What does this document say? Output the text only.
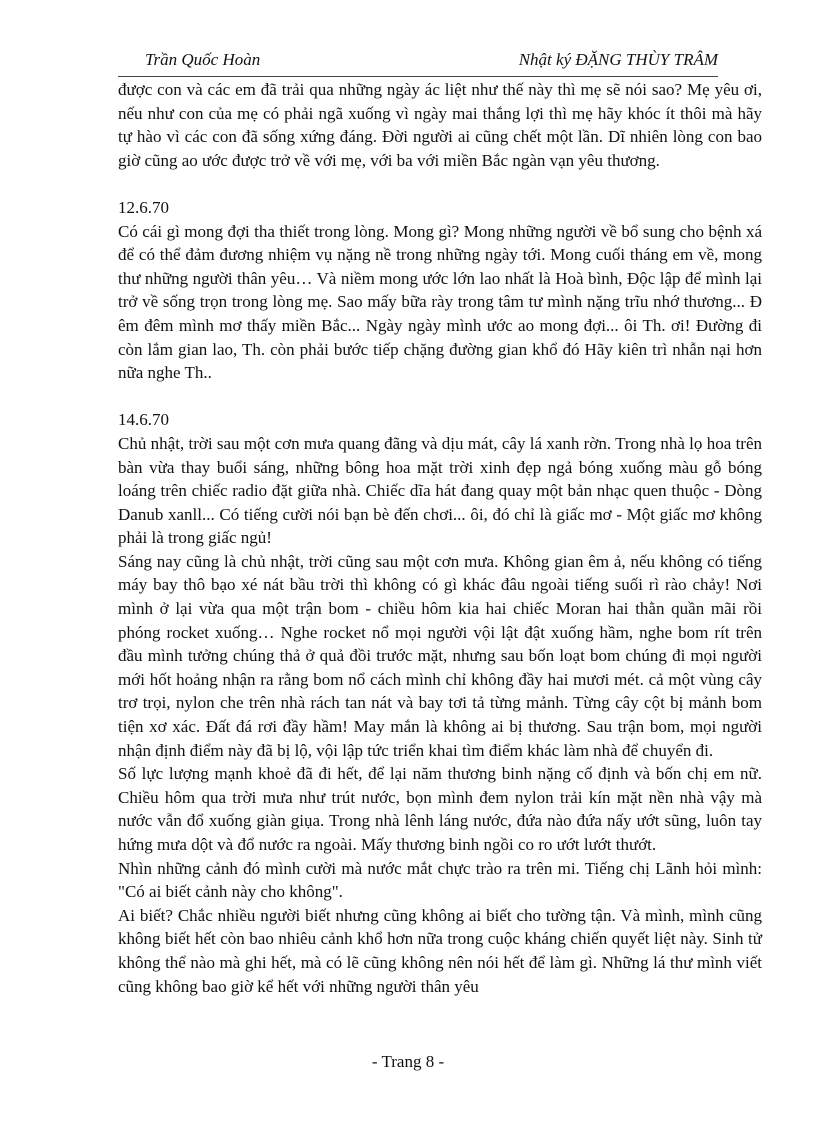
Trần Quốc Hoàn	Nhật ký ĐẶNG THÙY TRÂM

được con và các em đã trải qua những ngày ác liệt như thế này thì mẹ sẽ nói sao? Mẹ yêu ơi, nếu như con của mẹ có phải ngã xuống vì ngày mai thắng lợi thì mẹ hãy khóc ít thôi mà hãy tự hào vì các con đã sống xứng đáng. Đời người ai cũng chết một lần. Dĩ nhiên lòng con bao giờ cũng ao ước được trở về với mẹ, với ba với miền Bắc ngàn vạn yêu thương.

12.6.70

Có cái gì mong đợi tha thiết trong lòng. Mong gì? Mong những người về bổ sung cho bệnh xá để có thể đảm đương nhiệm vụ nặng nề trong những ngày tới. Mong cuối tháng em về, mong thư những người thân yêu… Và niềm mong ước lớn lao nhất là Hoà bình, Độc lập để mình lại trở về sống trọn trong lòng mẹ. Sao mấy bữa rày trong tâm tư mình nặng trĩu nhớ thương... Đ êm đêm mình mơ thấy miền Bắc... Ngày ngày mình ước ao mong đợi... ôi Th. ơi! Đường đi còn lắm gian lao, Th. còn phải bước tiếp chặng đường gian khổ đó Hãy kiên trì nhẫn nại hơn nữa nghe Th..

14.6.70

Chủ nhật, trời sau một cơn mưa quang đãng và dịu mát, cây lá xanh rờn. Trong nhà lọ hoa trên bàn vừa thay buổi sáng, những bông hoa mặt trời xinh đẹp ngả bóng xuống màu gỗ bóng loáng trên chiếc radio đặt giữa nhà. Chiếc dĩa hát đang quay một bản nhạc quen thuộc - Dòng Danub xanll... Có tiếng cười nói bạn bè đến chơi... ôi, đó chỉ là giấc mơ - Một giấc mơ không phải là trong giấc ngủ!

Sáng nay cũng là chủ nhật, trời cũng sau một cơn mưa. Không gian êm ả, nếu không có tiếng máy bay thô bạo xé nát bầu trời thì không có gì khác đâu ngoài tiếng suối rì rào chảy! Nơi mình ở lại vừa qua một trận bom - chiều hôm kia hai chiếc Moran hai thằn quần mãi rồi phóng rocket xuống… Nghe rocket nổ mọi người vội lật đật xuống hầm, nghe bom rít trên đầu mình tưởng chúng thả ở quả đồi trước mặt, nhưng sau bốn loạt bom chúng đi mọi người mới hốt hoảng nhận ra rằng bom nổ cách mình chỉ không đầy hai mươi mét. cả một vùng cây trơ trọi, nylon che trên nhà rách tan nát và bay tơi tả từng mảnh. Từng cây cột bị mảnh bom tiện xơ xác. Đất đá rơi đầy hầm! May mắn là không ai bị thương. Sau trận bom, mọi người nhận định điểm này đã bị lộ, vội lập tức triển khai tìm điểm khác làm nhà để chuyển đi.

Số lực lượng mạnh khoẻ đã đi hết, để lại năm thương binh nặng cố định và bốn chị em nữ. Chiều hôm qua trời mưa như trút nước, bọn mình đem nylon trải kín mặt nền nhà vậy mà nước vẫn đổ xuống giàn giụa. Trong nhà lênh láng nước, đứa nào đứa nấy ướt sũng, luôn tay hứng mưa dột và đổ nước ra ngoài. Mấy thương binh ngồi co ro ướt lướt thướt.

Nhìn những cảnh đó mình cười mà nước mắt chực trào ra trên mi. Tiếng chị Lãnh hỏi mình: "Có ai biết cảnh này cho không".

Ai biết? Chắc nhiều người biết nhưng cũng không ai biết cho tường tận. Và mình, mình cũng không biết hết còn bao nhiêu cảnh khổ hơn nữa trong cuộc kháng chiến quyết liệt này. Sinh tử không thể nào mà ghi hết, mà có lẽ cũng không nên nói hết để làm gì. Những lá thư mình viết cũng không bao giờ kể hết với những người thân yêu

- Trang 8 -
